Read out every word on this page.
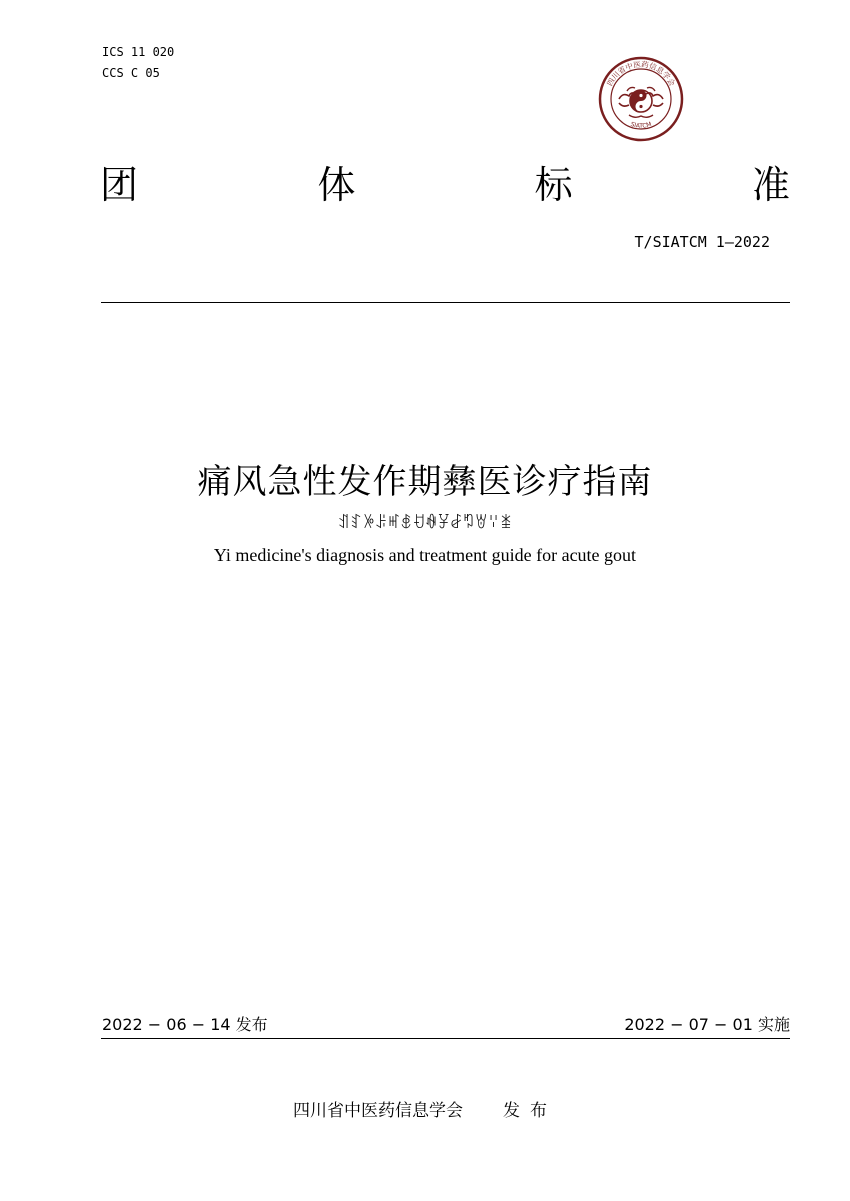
ICS 11 020
CCS C 05
四川省中医药信息学会
SIATCM
团	体	标	准
T/SIATCM 1—2022
痛风急性发作期彝医诊疗指南
ꀊꆏꉼꌠꎭꇅꀀꊿꐯꆀꑳꇐꈌꁧ
Yi medicine's diagnosis and treatment guide for acute gout
2022 − 06 − 14 发布	2022 − 07 − 01 实施
四川省中医药信息学会 发布
